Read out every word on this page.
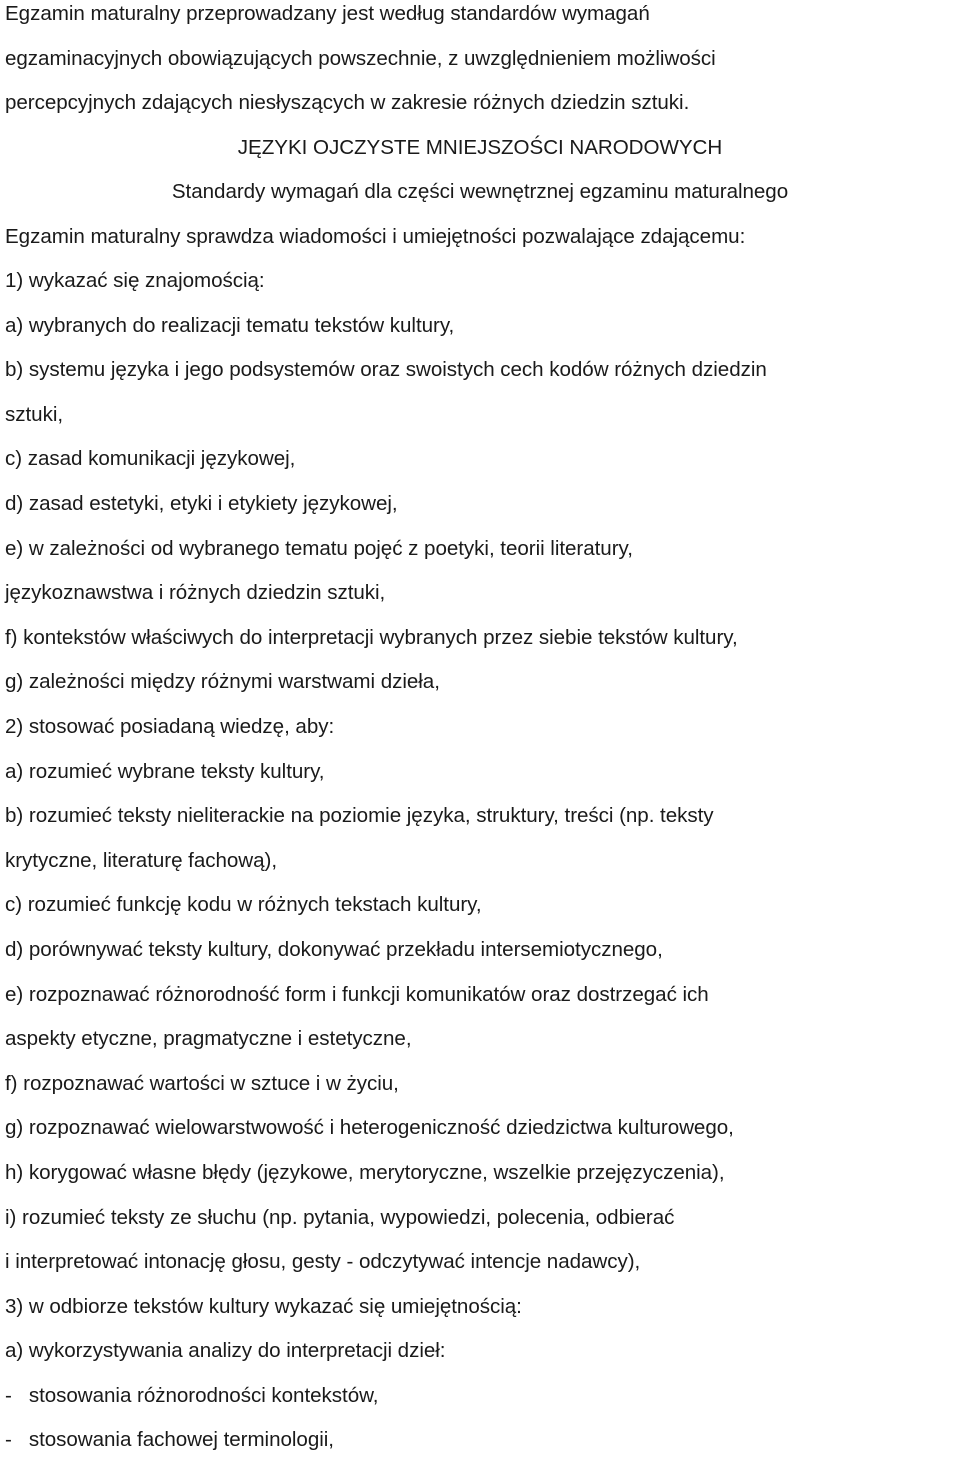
Egzamin maturalny przeprowadzany jest według standardów wymagań
egzaminacyjnych obowiązujących powszechnie, z uwzględnieniem możliwości
percepcyjnych zdających niesłyszących w zakresie różnych dziedzin sztuki.
JĘZYKI OJCZYSTE MNIEJSZOŚCI NARODOWYCH
Standardy wymagań dla części wewnętrznej egzaminu maturalnego
Egzamin maturalny sprawdza wiadomości i umiejętności pozwalające zdającemu:
1) wykazać się znajomością:
a) wybranych do realizacji tematu tekstów kultury,
b) systemu języka i jego podsystemów oraz swoistych cech kodów różnych dziedzin
sztuki,
c) zasad komunikacji językowej,
d) zasad estetyki, etyki i etykiety językowej,
e) w zależności od wybranego tematu pojęć z poetyki, teorii literatury,
językoznawstwa i różnych dziedzin sztuki,
f) kontekstów właściwych do interpretacji wybranych przez siebie tekstów kultury,
g) zależności między różnymi warstwami dzieła,
2) stosować posiadaną wiedzę, aby:
a) rozumieć wybrane teksty kultury,
b) rozumieć teksty nieliterackie na poziomie języka, struktury, treści (np. teksty
krytyczne, literaturę fachową),
c) rozumieć funkcję kodu w różnych tekstach kultury,
d) porównywać teksty kultury, dokonywać przekładu intersemiotycznego,
e) rozpoznawać różnorodność form i funkcji komunikatów oraz dostrzegać ich
aspekty etyczne, pragmatyczne i estetyczne,
f) rozpoznawać wartości w sztuce i w życiu,
g) rozpoznawać wielowarstwowość i heterogeniczność dziedzictwa kulturowego,
h) korygować własne błędy (językowe, merytoryczne, wszelkie przejęzyczenia),
i) rozumieć teksty ze słuchu (np. pytania, wypowiedzi, polecenia, odbierać
i interpretować intonację głosu, gesty - odczytywać intencje nadawcy),
3) w odbiorze tekstów kultury wykazać się umiejętnością:
a) wykorzystywania analizy do interpretacji dzieł:
-   stosowania różnorodności kontekstów,
-   stosowania fachowej terminologii,
